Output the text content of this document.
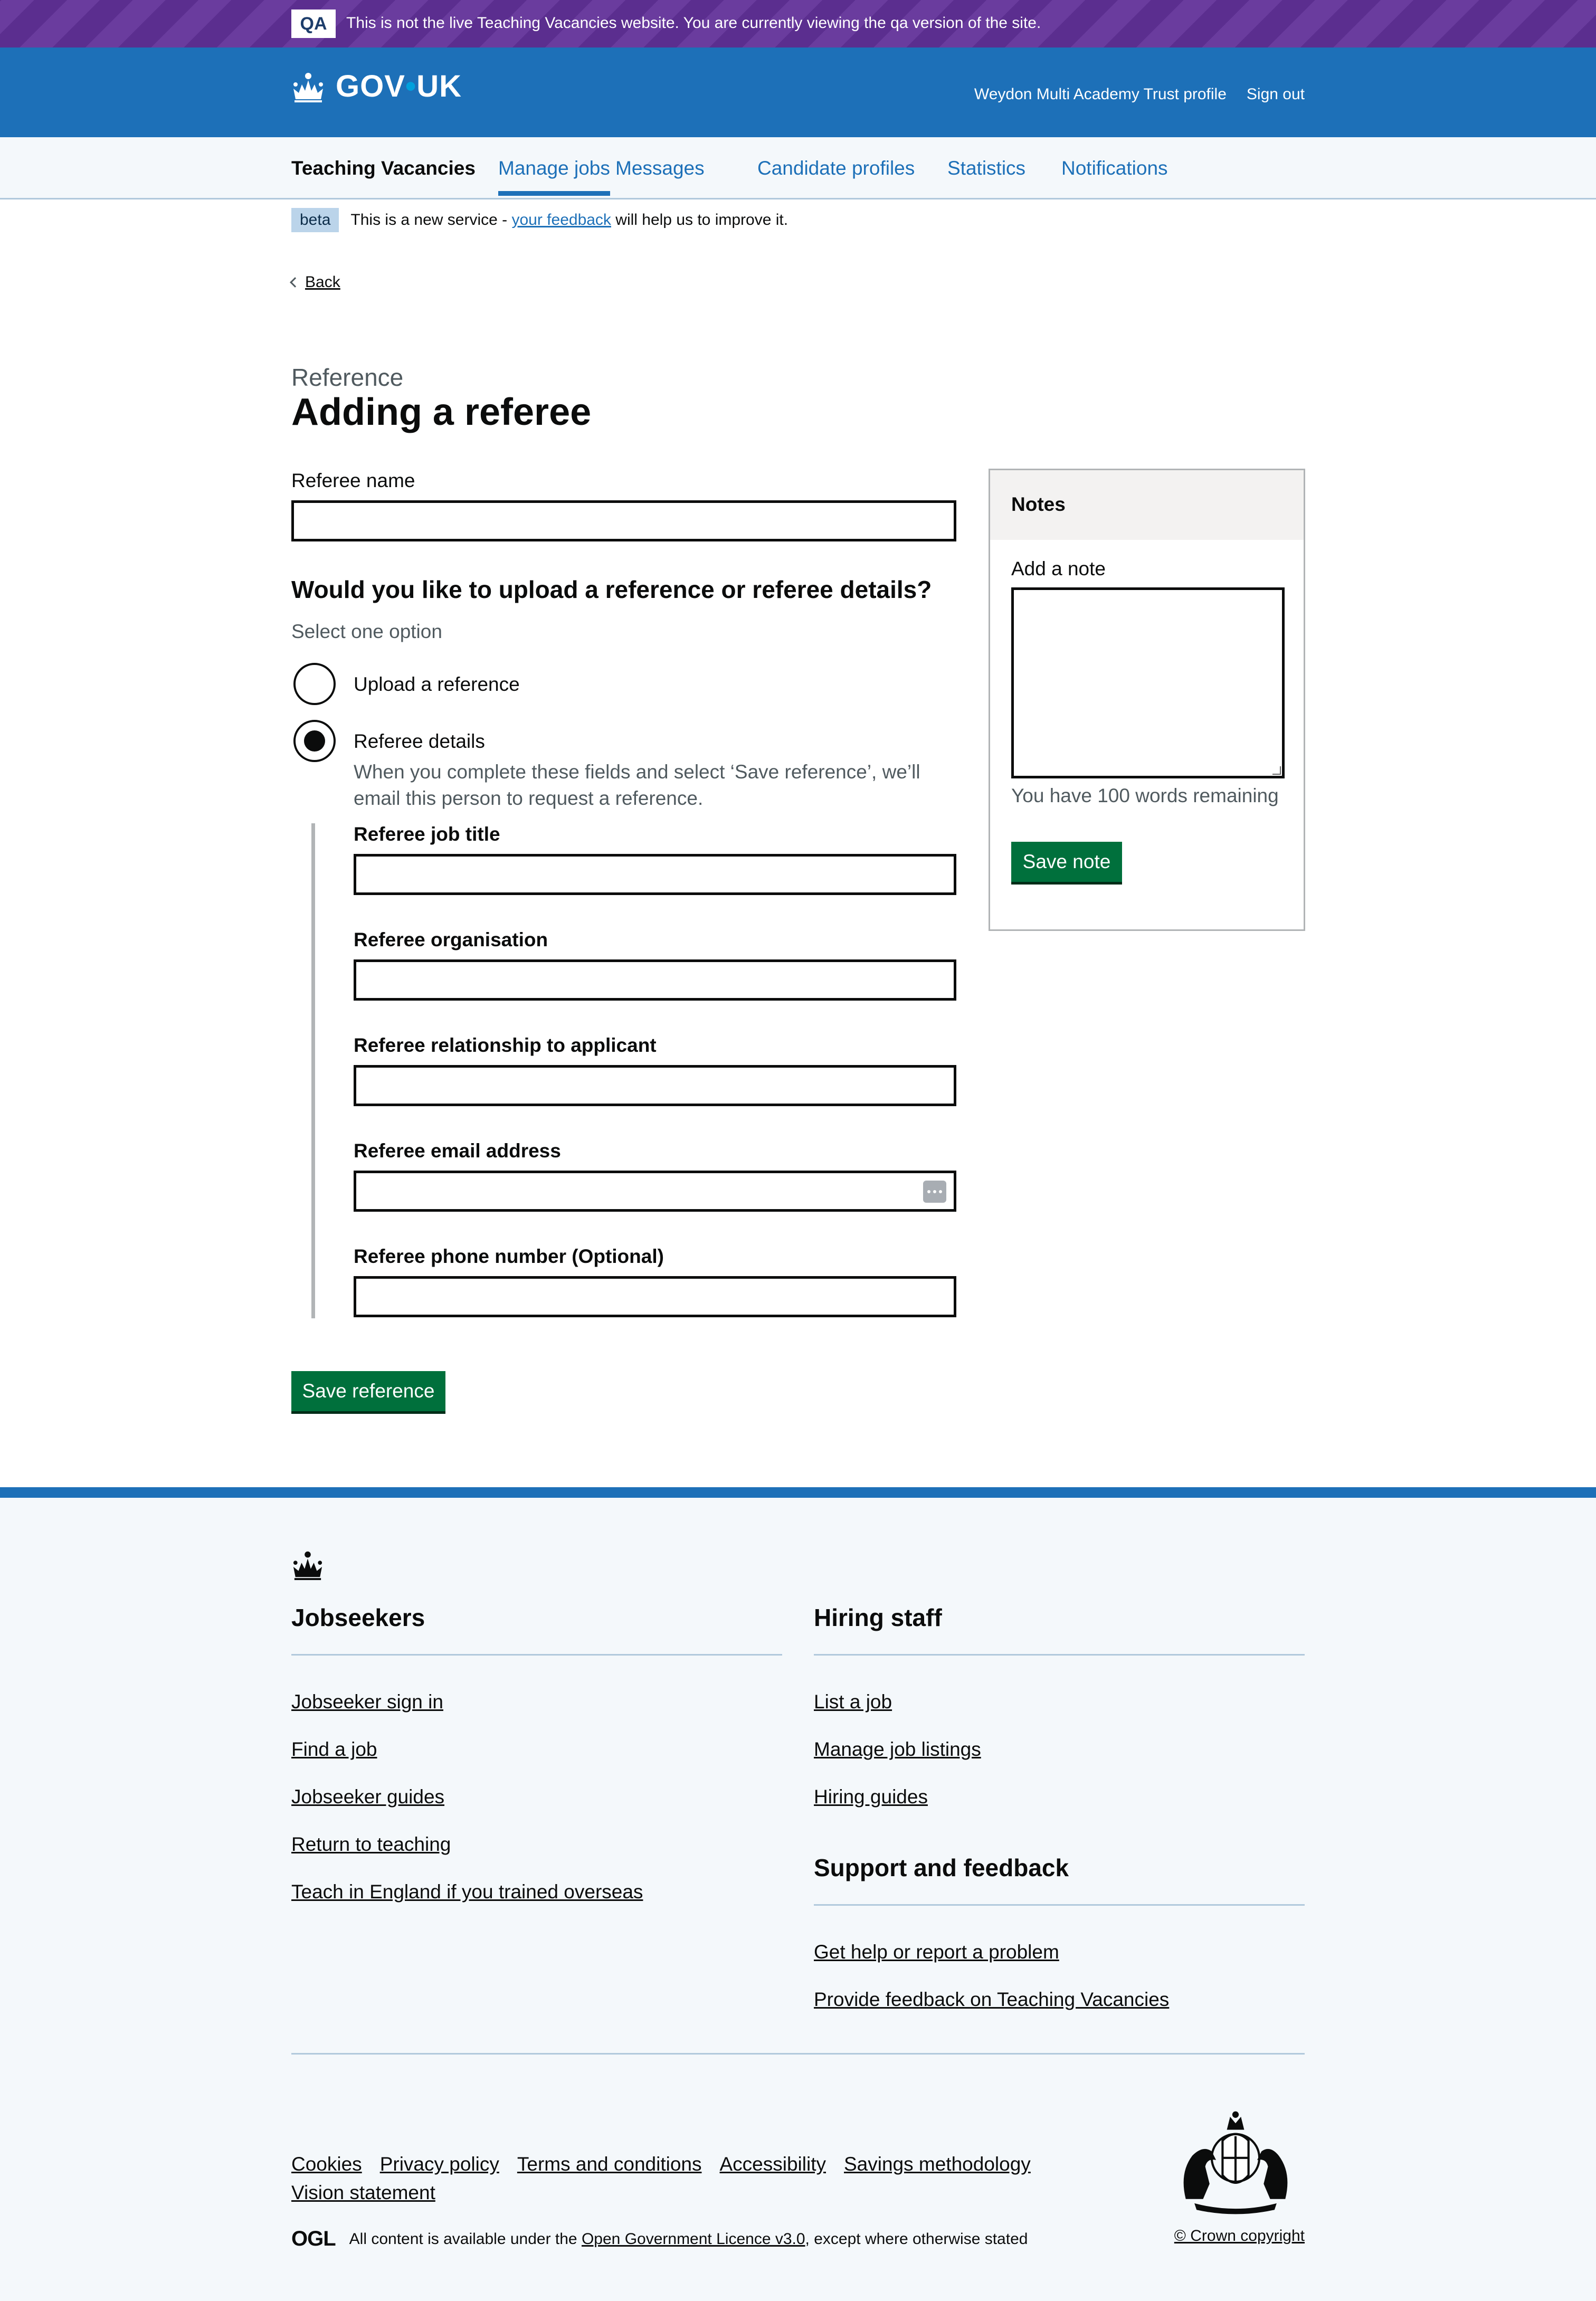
QA	This is not the live Teaching Vacancies website. You are currently viewing the qa version of the site.
GOV•UK	Weydon Multi Academy Trust profile Sign out
Teaching Vacancies Manage jobs Messages	Candidate profiles Statistics Notifications
beta	This is a new service - your feedback will help us to improve it.
Back
Reference
Adding a referee
Referee name
Would you like to upload a reference or referee details?
Select one option
Upload a reference
Referee details
When you complete these fields and select ‘Save reference’, we’ll email this person to request a reference.
Referee job title
Referee organisation
Referee relationship to applicant
Referee email address
Referee phone number (Optional)
Save reference
Notes
Add a note
You have 100 words remaining
Save note
Jobseekers
Jobseeker sign in
Find a job
Jobseeker guides
Return to teaching
Teach in England if you trained overseas
Hiring staff
List a job
Manage job listings
Hiring guides
Support and feedback
Get help or report a problem
Provide feedback on Teaching Vacancies
Cookies Privacy policy Terms and conditions Accessibility Savings methodology
Vision statement
OGL All content is available under the Open Government Licence v3.0, except where otherwise stated	© Crown copyright
